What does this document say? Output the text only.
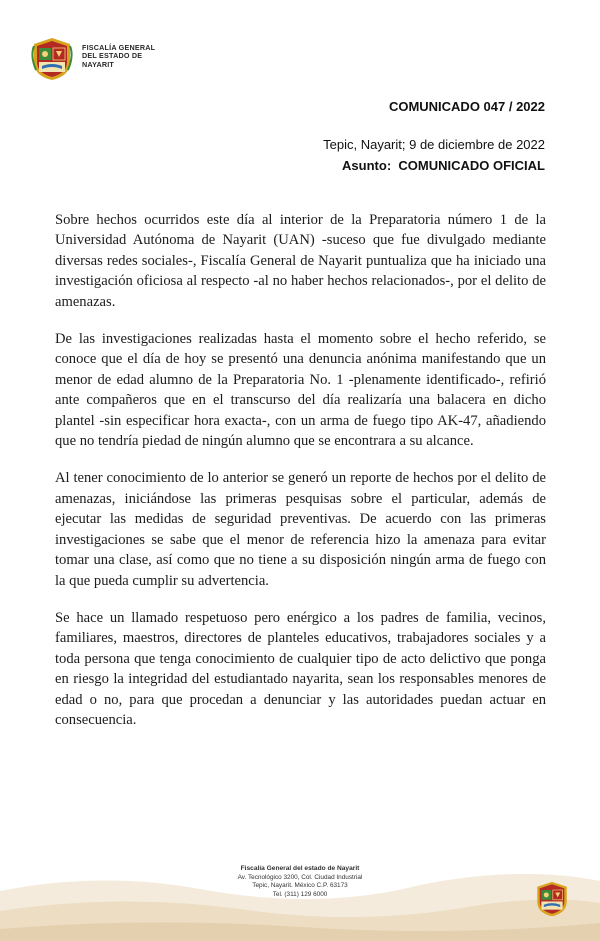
FISCALÍA GENERAL
DEL ESTADO DE
NAYARIT
COMUNICADO 047 / 2022
Tepic, Nayarit; 9 de diciembre de 2022
Asunto: COMUNICADO OFICIAL

Sobre hechos ocurridos este día al interior de la Preparatoria número 1 de la Universidad Autónoma de Nayarit (UAN) -suceso que fue divulgado mediante diversas redes sociales-, Fiscalía General de Nayarit puntualiza que ha iniciado una investigación oficiosa al respecto -al no haber hechos relacionados-, por el delito de amenazas.

De las investigaciones realizadas hasta el momento sobre el hecho referido, se conoce que el día de hoy se presentó una denuncia anónima manifestando que un menor de edad alumno de la Preparatoria No. 1 -plenamente identificado-, refirió ante compañeros que en el transcurso del día realizaría una balacera en dicho plantel -sin especificar hora exacta-, con un arma de fuego tipo AK-47, añadiendo que no tendría piedad de ningún alumno que se encontrara a su alcance.

Al tener conocimiento de lo anterior se generó un reporte de hechos por el delito de amenazas, iniciándose las primeras pesquisas sobre el particular, además de ejecutar las medidas de seguridad preventivas. De acuerdo con las primeras investigaciones se sabe que el menor de referencia hizo la amenaza para evitar tomar una clase, así como que no tiene a su disposición ningún arma de fuego con la que pueda cumplir su advertencia.

Se hace un llamado respetuoso pero enérgico a los padres de familia, vecinos, familiares, maestros, directores de planteles educativos, trabajadores sociales y a toda persona que tenga conocimiento de cualquier tipo de acto delictivo que ponga en riesgo la integridad del estudiantado nayarita, sean los responsables menores de edad o no, para que procedan a denunciar y las autoridades puedan actuar en consecuencia.

Fiscalía General del estado de Nayarit
Av. Tecnológico 3200, Col. Ciudad Industrial
Tepic, Nayarit. México C.P. 63173
Tel. (311) 129 6000
